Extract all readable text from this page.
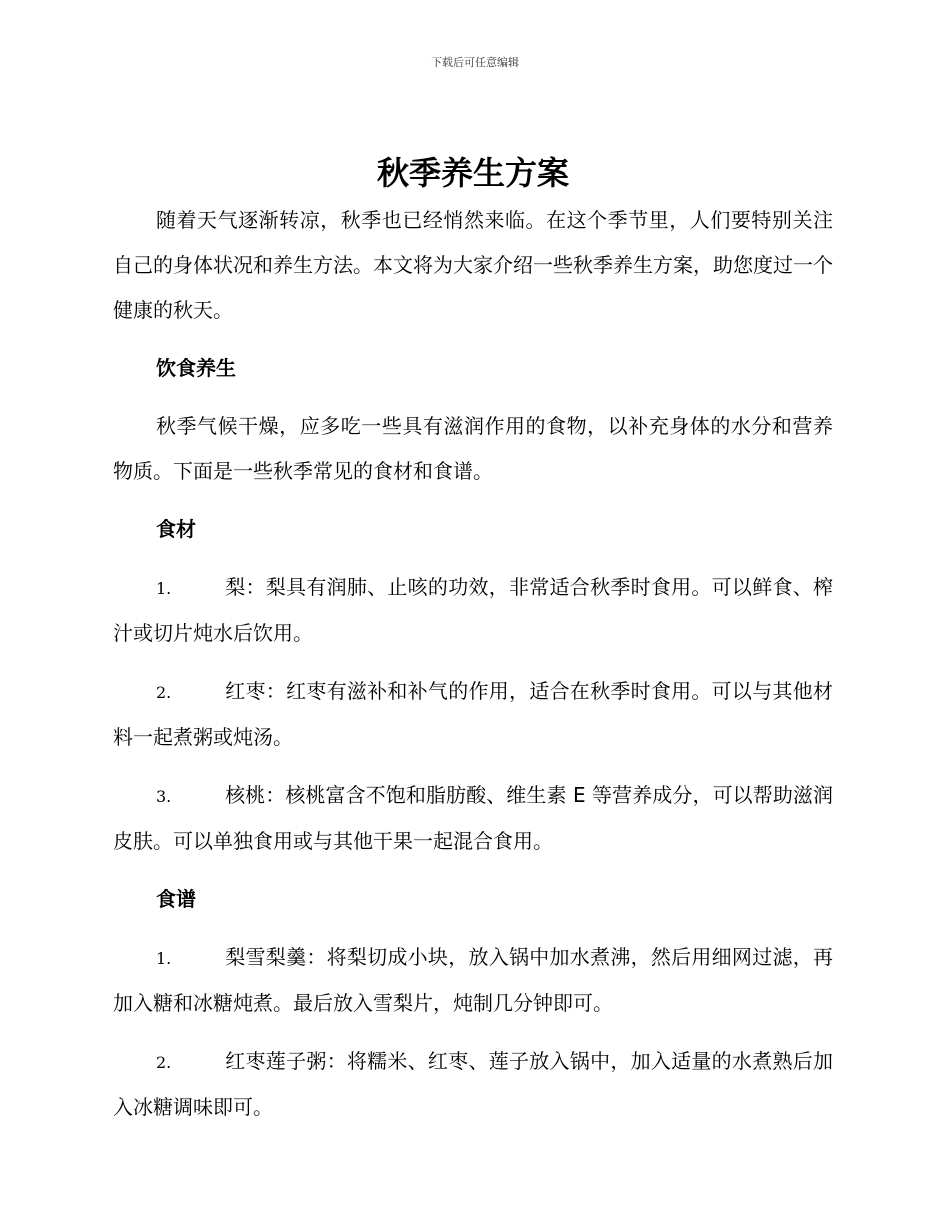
下载后可任意编辑
秋季养生方案

随着天气逐渐转凉，秋季也已经悄然来临。在这个季节里，人们要特别关注自己的身体状况和养生方法。本文将为大家介绍一些秋季养生方案，助您度过一个健康的秋天。

饮食养生

秋季气候干燥，应多吃一些具有滋润作用的食物，以补充身体的水分和营养物质。下面是一些秋季常见的食材和食谱。

食材

1.	梨：梨具有润肺、止咳的功效，非常适合秋季时食用。可以鲜食、榨汁或切片炖水后饮用。

2.	红枣：红枣有滋补和补气的作用，适合在秋季时食用。可以与其他材料一起煮粥或炖汤。

3.	核桃：核桃富含不饱和脂肪酸、维生素 E 等营养成分，可以帮助滋润皮肤。可以单独食用或与其他干果一起混合食用。

食谱

1.	梨雪梨羹：将梨切成小块，放入锅中加水煮沸，然后用细网过滤，再加入糖和冰糖炖煮。最后放入雪梨片，炖制几分钟即可。

2.	红枣莲子粥：将糯米、红枣、莲子放入锅中，加入适量的水煮熟后加入冰糖调味即可。
